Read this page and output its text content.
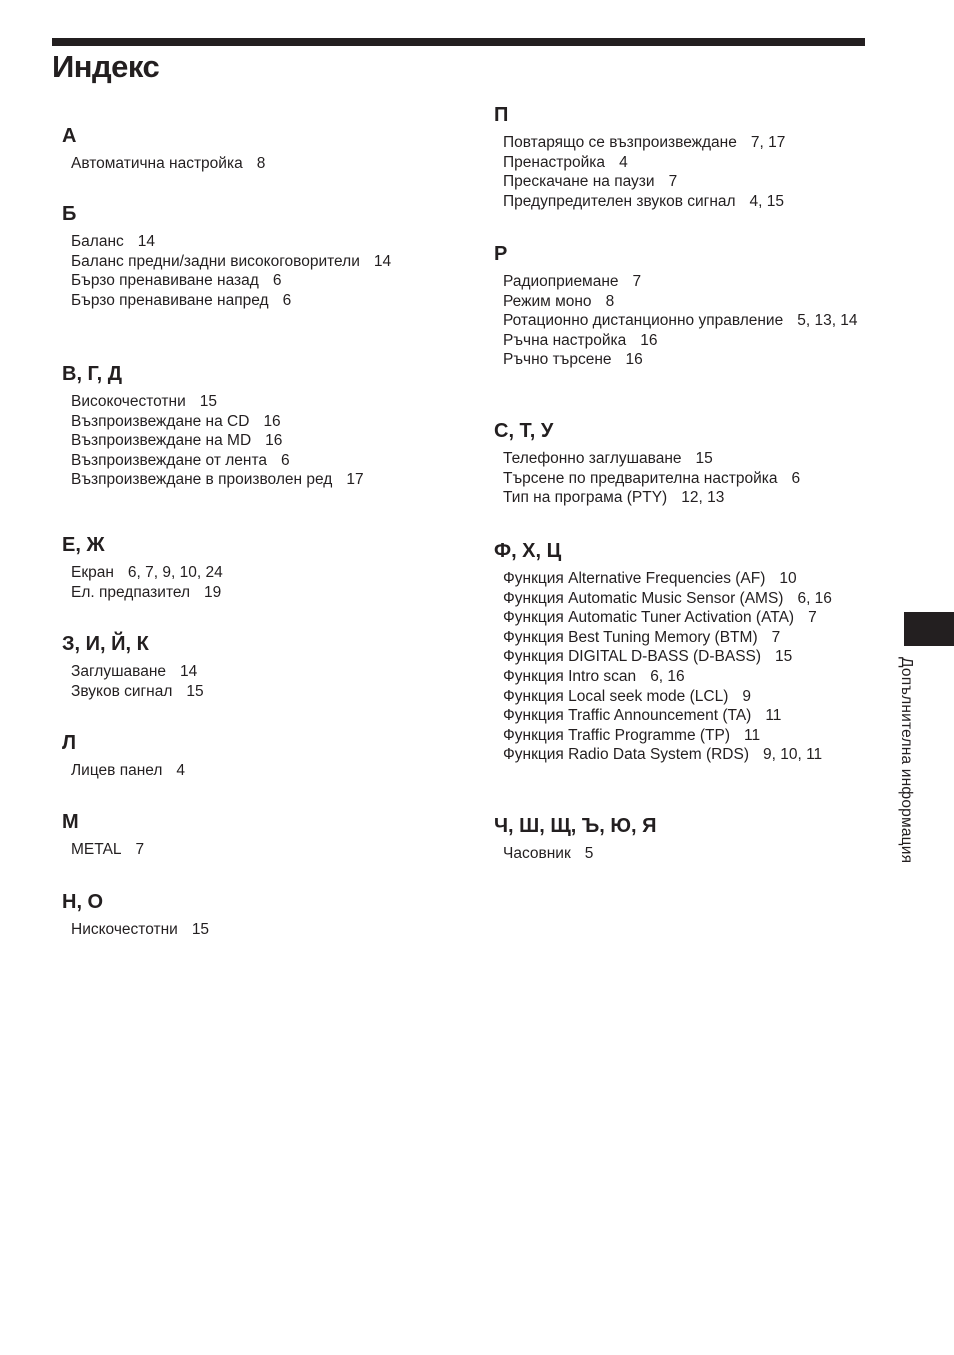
Индекс
А
Автоматична настройка 8
Б
Баланс 14
Баланс предни/задни високоговорители 14
Бързо пренавиване назад 6
Бързо пренавиване напред 6
В, Г, Д
Високочестотни 15
Възпроизвеждане на CD 16
Възпроизвеждане на MD 16
Възпроизвеждане от лента 6
Възпроизвеждане в произволен ред 17
Е, Ж
Екран 6, 7, 9, 10, 24
Ел. предпазител 19
З, И, Й, К
Заглушаване 14
Звуков сигнал 15
Л
Лицев панел 4
М
METAL 7
Н, О
Нискочестотни 15
П
Повтарящо се възпроизвеждане 7, 17
Пренастройка 4
Прескачане на паузи 7
Предупредителен звуков сигнал 4, 15
Р
Радиоприемане 7
Режим моно 8
Ротационно дистанционно управление 5, 13, 14
Ръчна настройка 16
Ръчно търсене 16
С, Т, У
Телефонно заглушаване 15
Търсене по предварителна настройка 6
Тип на програма (PTY) 12, 13
Ф, Х, Ц
Функция Alternative Frequencies (AF) 10
Функция Automatic Music Sensor (AMS) 6, 16
Функция Automatic Tuner Activation (ATA) 7
Функция Best Tuning Memory (BTM) 7
Функция DIGITAL D-BASS (D-BASS) 15
Функция Intro scan 6, 16
Функция Local seek mode (LCL) 9
Функция Traffic Announcement (TA) 11
Функция Traffic Programme (TP) 11
Функция Radio Data System (RDS) 9, 10, 11
Ч, Ш, Щ, Ъ, Ю, Я
Часовник 5	Допълнителна информация
